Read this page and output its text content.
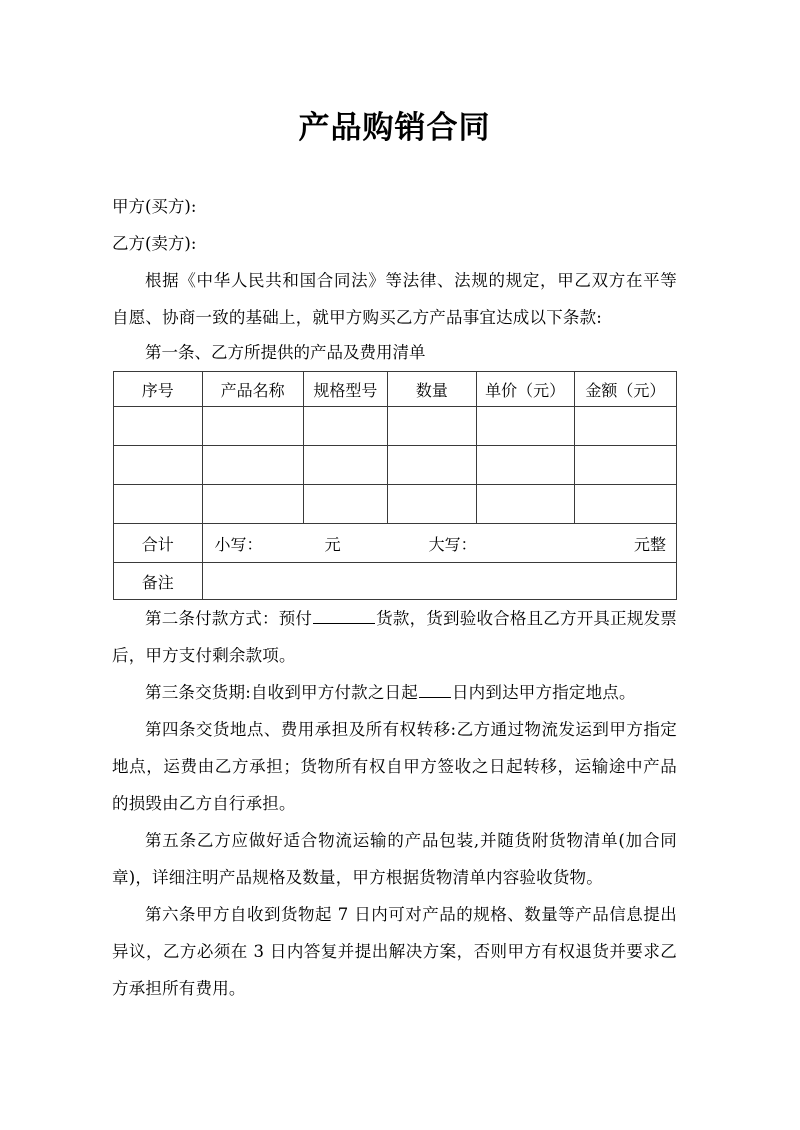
产品购销合同

甲方(买方):

乙方(卖方):

根据《中华人民共和国合同法》等法律、法规的规定，甲乙双方在平等自愿、协商一致的基础上，就甲方购买乙方产品事宜达成以下条款:

第一条、乙方所提供的产品及费用清单
序号	产品名称	规格型号	数量	单价（元）	金额（元）

合计	小写： 元 大写： 元整				

备注					

第二条付款方式：预付	货款，货到验收合格且乙方开具正规发票后，甲方支付剩余款项。

第三条交货期:自收到甲方付款之日起 日内到达甲方指定地点。

第四条交货地点、费用承担及所有权转移:乙方通过物流发运到甲方指定地点，运费由乙方承担；货物所有权自甲方签收之日起转移，运输途中产品的损毁由乙方自行承担。

第五条乙方应做好适合物流运输的产品包装,并随货附货物清单(加合同章)，详细注明产品规格及数量，甲方根据货物清单内容验收货物。

第六条甲方自收到货物起 7 日内可对产品的规格、数量等产品信息提出异议，乙方必须在 3 日内答复并提出解决方案，否则甲方有权退货并要求乙方承担所有费用。
